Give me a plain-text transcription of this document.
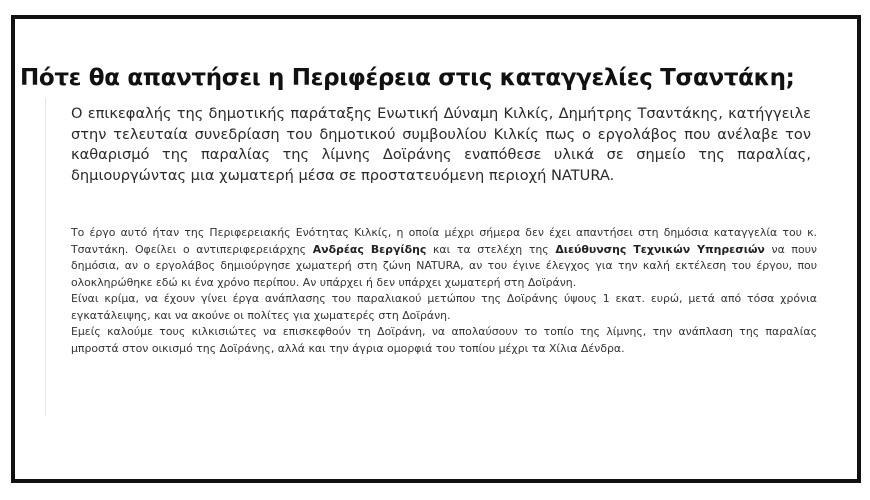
Πότε θα απαντήσει η Περιφέρεια στις καταγγελίες Τσαντάκη;

Ο επικεφαλής της δημοτικής παράταξης Ενωτική Δύναμη Κιλκίς, Δημήτρης Τσαντάκης, κατήγγειλε στην τελευταία συνεδρίαση του δημοτικού συμβουλίου Κιλκίς πως ο εργολάβος που ανέλαβε τον καθαρισμό της παραλίας της λίμνης Δοϊράνης εναπόθεσε υλικά σε σημείο της παραλίας, δημιουργώντας μια χωματερή μέσα σε προστατευόμενη περιοχή NATURA.

Το έργο αυτό ήταν της Περιφερειακής Ενότητας Κιλκίς, η οποία μέχρι σήμερα δεν έχει απαντήσει στη δημόσια καταγγελία του κ. Τσαντάκη. Οφείλει ο αντιπεριφερειάρχης Ανδρέας Βεργίδης και τα στελέχη της Διεύθυνσης Τεχνικών Υπηρεσιών να πουν δημόσια, αν ο εργολάβος δημιούργησε χωματερή στη ζώνη NATURA, αν του έγινε έλεγχος για την καλή εκτέλεση του έργου, που ολοκληρώθηκε εδώ κι ένα χρόνο περίπου. Αν υπάρχει ή δεν υπάρχει χωματερή στη Δοϊράνη.

Είναι κρίμα, να έχουν γίνει έργα ανάπλασης του παραλιακού μετώπου της Δοϊράνης ύψους 1 εκατ. ευρώ, μετά από τόσα χρόνια εγκατάλειψης, και να ακούνε οι πολίτες για χωματερές στη Δοϊράνη.

Εμείς καλούμε τους κιλκισιώτες να επισκεφθούν τη Δοϊράνη, να απολαύσουν το τοπίο της λίμνης, την ανάπλαση της παραλίας μπροστά στον οικισμό της Δοϊράνης, αλλά και την άγρια ομορφιά του τοπίου μέχρι τα Χίλια Δένδρα.
